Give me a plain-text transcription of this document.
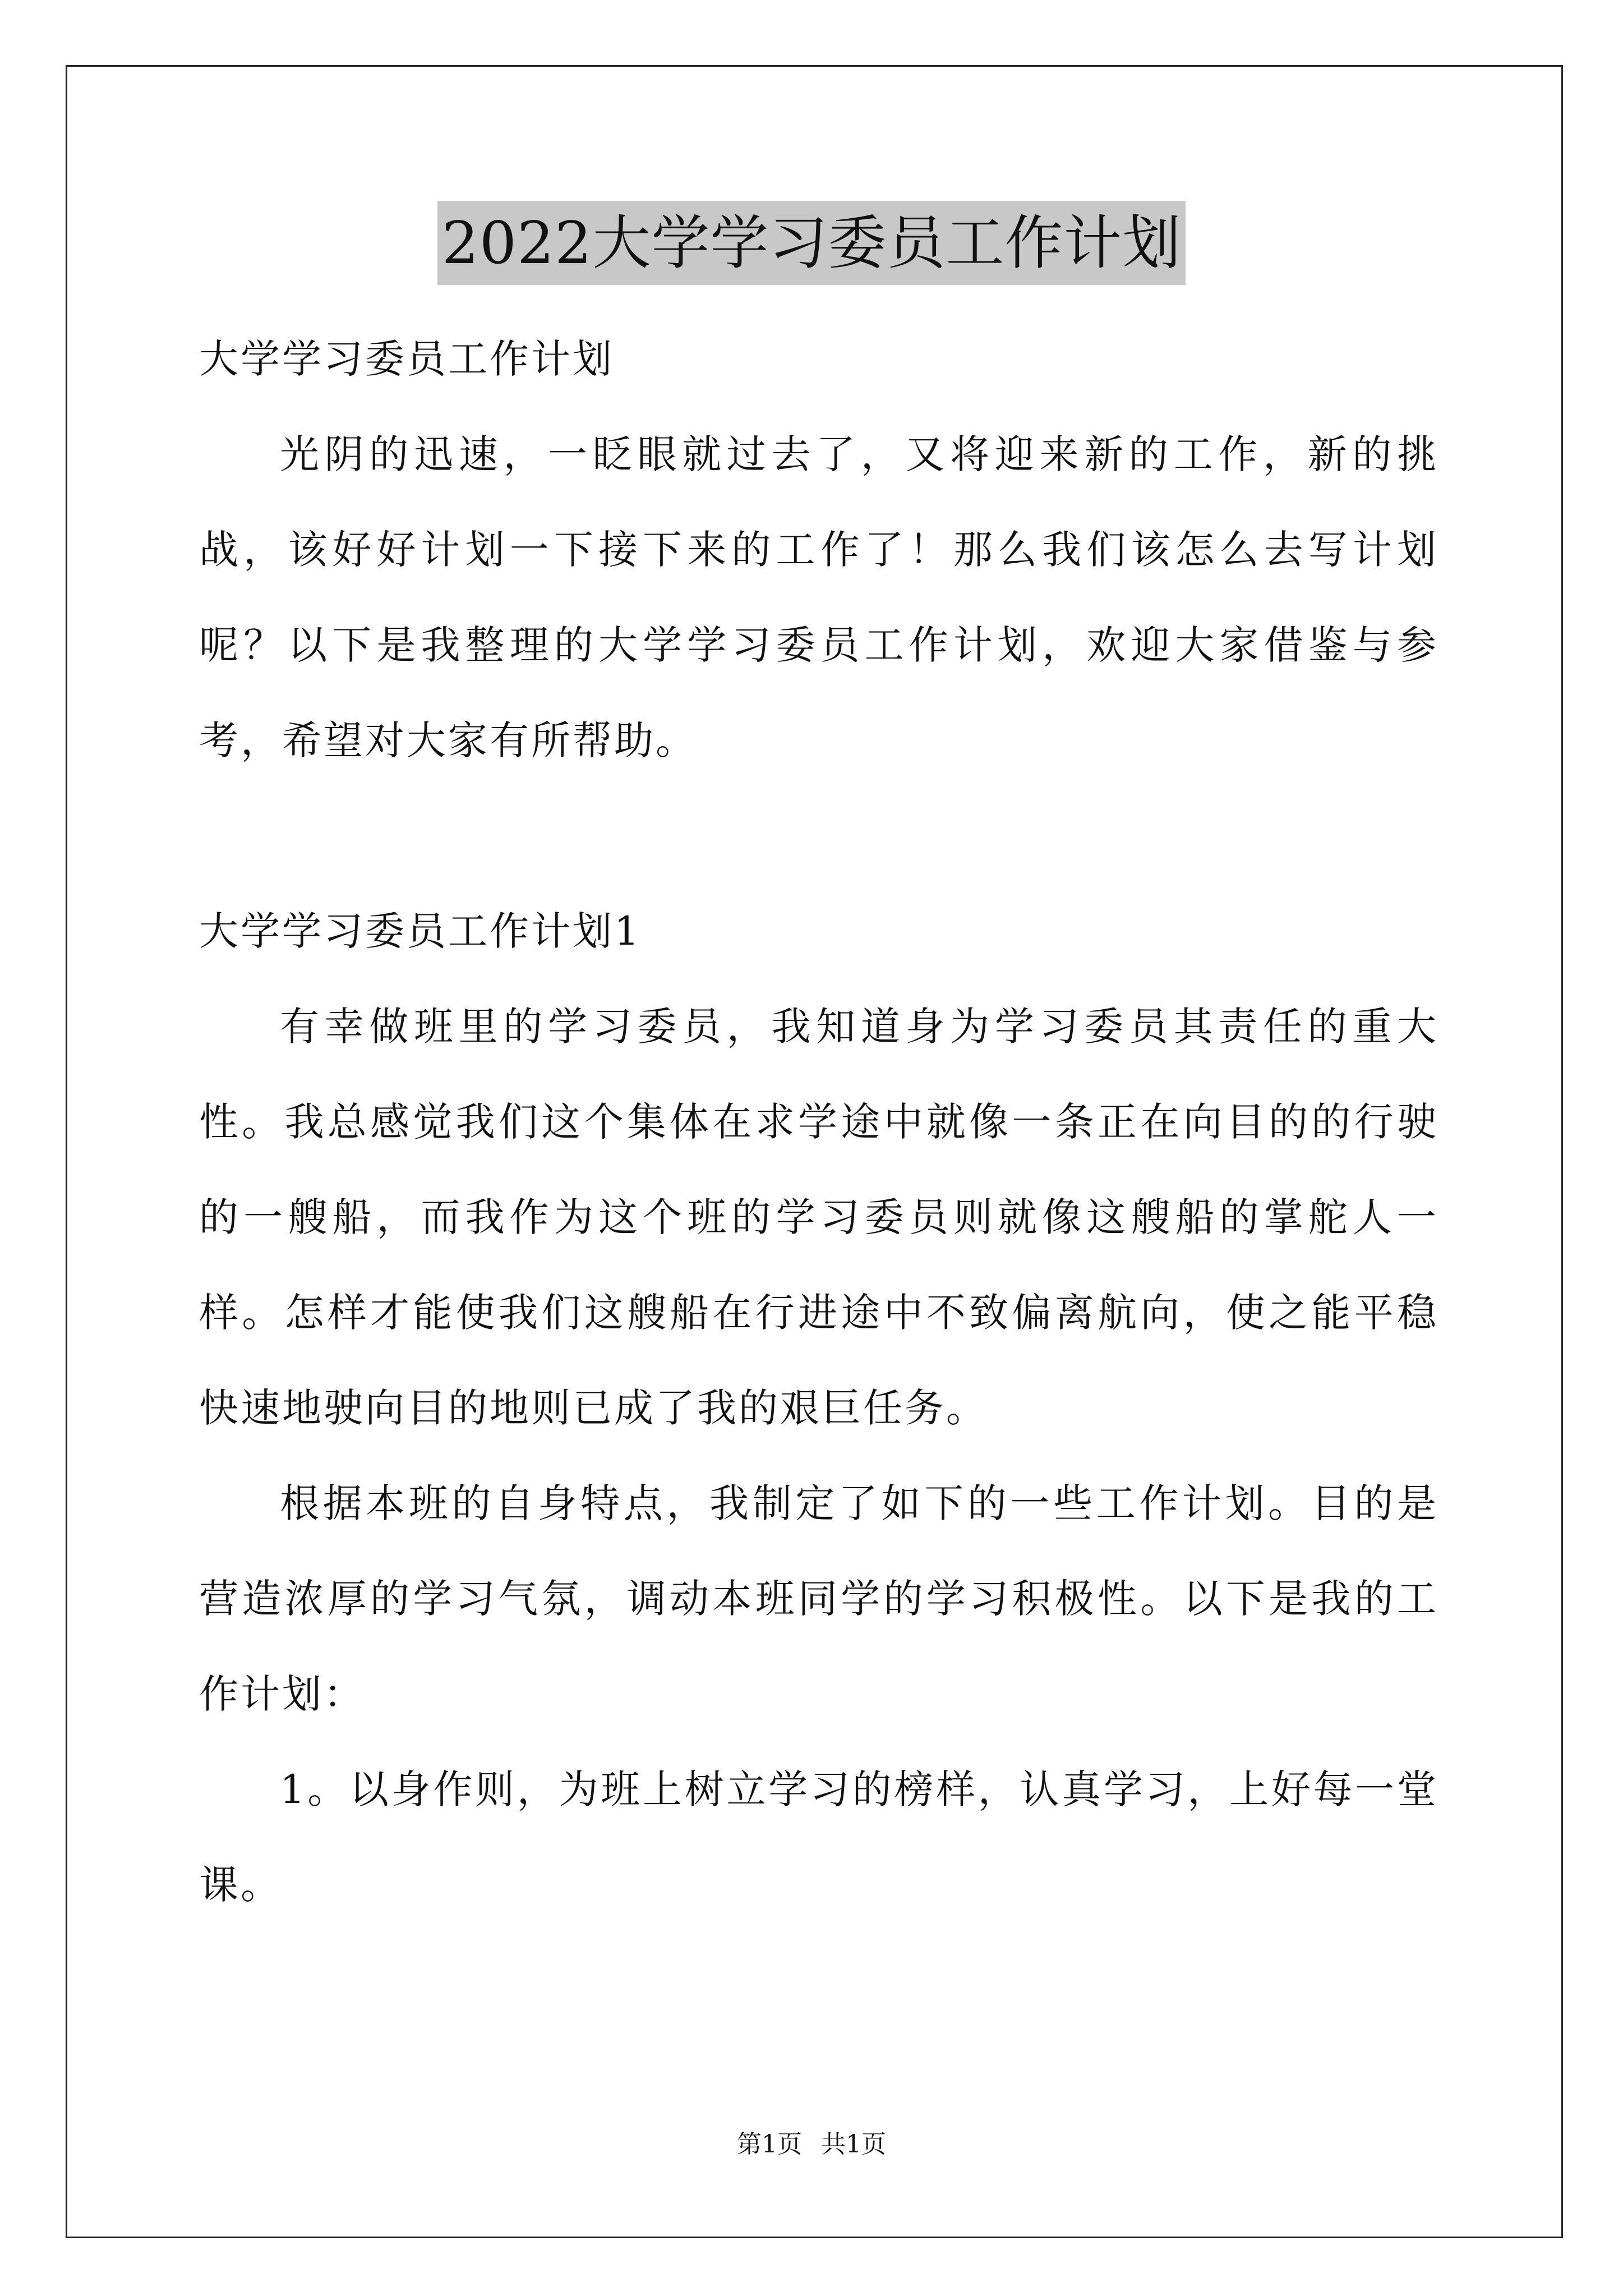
2022大学学习委员工作计划

大学学习委员工作计划

光阴的迅速，一眨眼就过去了，又将迎来新的工作，新的挑战，该好好计划一下接下来的工作了！那么我们该怎么去写计划呢？以下是我整理的大学学习委员工作计划，欢迎大家借鉴与参考，希望对大家有所帮助。

大学学习委员工作计划1

有幸做班里的学习委员，我知道身为学习委员其责任的重大性。我总感觉我们这个集体在求学途中就像一条正在向目的的行驶的一艘船，而我作为这个班的学习委员则就像这艘船的掌舵人一样。怎样才能使我们这艘船在行进途中不致偏离航向，使之能平稳快速地驶向目的地则已成了我的艰巨任务。

根据本班的自身特点，我制定了如下的一些工作计划。目的是营造浓厚的学习气氛，调动本班同学的学习积极性。以下是我的工作计划：

1。以身作则，为班上树立学习的榜样，认真学习，上好每一堂课。

第1页 共1页
